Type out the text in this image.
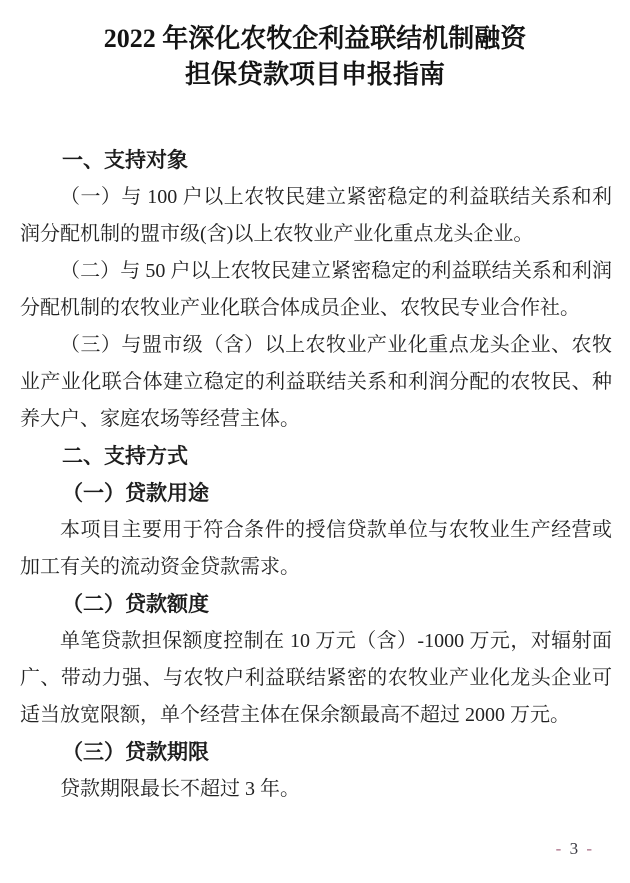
2022 年深化农牧企利益联结机制融资
担保贷款项目申报指南
一、支持对象

（一）与 100 户以上农牧民建立紧密稳定的利益联结关系和利润分配机制的盟市级(含)以上农牧业产业化重点龙头企业。

（二）与 50 户以上农牧民建立紧密稳定的利益联结关系和利润分配机制的农牧业产业化联合体成员企业、农牧民专业合作社。

（三）与盟市级（含）以上农牧业产业化重点龙头企业、农牧业产业化联合体建立稳定的利益联结关系和利润分配的农牧民、种养大户、家庭农场等经营主体。

二、支持方式
（一）贷款用途

本项目主要用于符合条件的授信贷款单位与农牧业生产经营或加工有关的流动资金贷款需求。

（二）贷款额度

单笔贷款担保额度控制在 10 万元（含）-1000 万元，对辐射面广、带动力强、与农牧户利益联结紧密的农牧业产业化龙头企业可适当放宽限额，单个经营主体在保余额最高不超过 2000 万元。

（三）贷款期限

贷款期限最长不超过 3 年。

- 3 -
